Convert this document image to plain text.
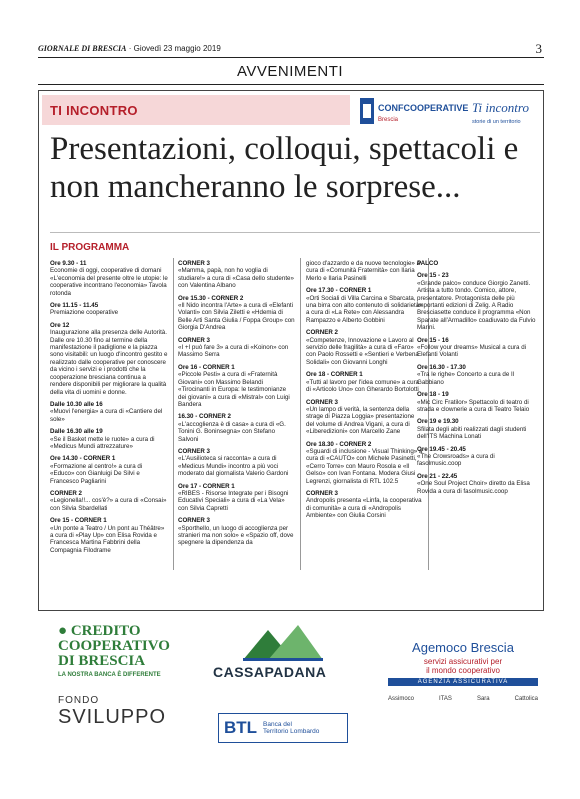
GIORNALE DI BRESCIA · Giovedì 23 maggio 2019	3
AVVENIMENTI
TI INCONTRO	CONFCOOPERATIVE
Brescia
Ti incontro
storie di un territorio
Presentazioni, colloqui, spettacoli e non mancheranno le sorprese...
IL PROGRAMMA
Ore 9.30 - 11
Economie di oggi, cooperative di domani «L'economia del presente oltre le utopie: le cooperative incontrano l'economia» Tavola rotonda
Ore 11.15 - 11.45
Premiazione cooperative
Ore 12
Inaugurazione alla presenza delle Autorità. Dalle ore 10.30 fino al termine della manifestazione il padiglione e la piazza sono visitabili: un luogo d'incontro gestito e realizzato dalle cooperative per conoscere da vicino i servizi e i prodotti che la cooperazione bresciana continua a rendere disponibili per migliorare la qualità della vita di uomini e donne.
Dalle 10.30 alle 16
«Muovi l'energia» a cura di «Cantiere del sole»
Dalle 16.30 alle 19
«Se il Basket mette le ruote» a cura di «Medicus Mundi attrezzature»
Ore 14.30 - CORNER 1
«Formazione al centro!» a cura di «Educo» con Gianluigi De Silvi e Francesco Pagliarini
CORNER 2
«Legionella!!... cos'è?» a cura di «Consai» con Silvia Sbardellati
Ore 15 - CORNER 1
«Un ponte a Teatro / Un pont au Théâtre» a cura di «Play Up» con Elisa Rovida e Francesca Martina Fabbrini della Compagnia Filodrame
CORNER 3
«Mamma, papà, non ho voglia di studiare!» a cura di «Casa dello studente» con Valentina Albano
Ore 15.30 - CORNER 2
«Il Nido incontra l'Arte» a cura di «Elefanti Volanti» con Silvia Ziletti e «Hdemia di Belle Arti Santa Giulia / Foppa Group» con Giorgia D'Andrea
CORNER 3
«I +I può fare 3» a cura di «Koinon» con Massimo Serra
Ore 16 - CORNER 1
«Piccole Pesti» a cura di «Fraternità Giovani» con Massimo Belandi «Tirocinanti in Europa: le testimonianze dei giovani» a cura di «Mistral» con Luigi Bandera
16.30 - CORNER 2
«L'accoglienza è di casa» a cura di «G. Tonini G. Boninsegna» con Stefano Salvoni
CORNER 3
«L'Ausilioteca si racconta» a cura di «Medicus Mundi» incontro a più voci moderato dal giornalista Valerio Gardoni
Ore 17 - CORNER 1
«RIBES - Risorse Integrate per i Bisogni Educativi Speciali» a cura di «La Vela» con Silvia Capretti
CORNER 3
«Sporthello, un luogo di accoglienza per stranieri ma non solo» e «Spazio off, dove spegnere la dipendenza da
gioco d'azzardo e da nuove tecnologie» a cura di «Comunità Fraternità» con Ilaria Merlo e Ilaria Pasinelli
Ore 17.30 - CORNER 1
«Orti Sociali di Villa Carcina e Sbarcata, una birra con alto contenuto di solidarietà» a cura di «La Rete» con Alessandra Rampazzo e Alberto Gobbini
CORNER 2
«Competenze, Innovazione e Lavoro al servizio delle fragilità» a cura di «Faro» con Paolo Rossetti e «Sentieri e Verbena Solidali» con Giovanni Longhi
Ore 18 - CORNER 1
«Tutti al lavoro per l'idea comune» a cura di «Articolo Uno» con Gherardo Bortolotti
CORNER 3
«Un lampo di verità, la sentenza della strage di Piazza Loggia» presentazione del volume di Andrea Vigani, a cura di «Liberedizioni» con Marcello Zane
Ore 18.30 - CORNER 2
«Sguardi di inclusione - Visual Thinking» a cura di «CAUTO» con Michele Pasinetti, «Cerro Torre» con Mauro Rosola e «Il Gelso» con Ivan Fontana. Modera Giusi Legrenzi, giornalista di RTL 102.5
CORNER 3
Andropolis presenta «Linfa, la cooperativa di comunità» a cura di «Andropolis Ambiente» con Giulia Corsini
PALCO
Ore 15 - 23
«Grande palco» conduce Giorgio Zanetti. Artista a tutto tondo. Comico, attore, presentatore. Protagonista delle più importanti edizioni di Zelig. A Radio Bresciasette conduce il programma «Non Sparate all'Armadillo» coadiuvato da Fulvio Marini.
Ore 15 - 16
«Follow your dreams» Musical a cura di Elefanti Volanti
Ore 16.30 - 17.30
«Tra le righe» Concerto a cura de Il Gabbiano
Ore 18 - 19
«Mic Circ Fratilor» Spettacolo di teatro di strada e clownerie a cura di Teatro Telaio
Ore 19 e 19.30
Sfilata degli abiti realizzati dagli studenti dell'ITS Machina Lonati
Ore 19.45 - 20.45
«The Crowsroads» a cura di fasolmusic.coop
Ore 21 - 22.45
«One Soul Project Choir» diretto da Elisa Rovida a cura di fasolmusic.coop
● CREDITO
COOPERATIVO
DI BRESCIA
LA NOSTRA BANCA È DIFFERENTE	CASSAPADANA
Agemoco Brescia
servizi assicurativi per
il mondo cooperativo
AGENZIA ASSICURATIVA
Assimoco	ITAS	Sara	Cattolica
FONDO
SVILUPPO	BTL Banca del
Territorio Lombardo
